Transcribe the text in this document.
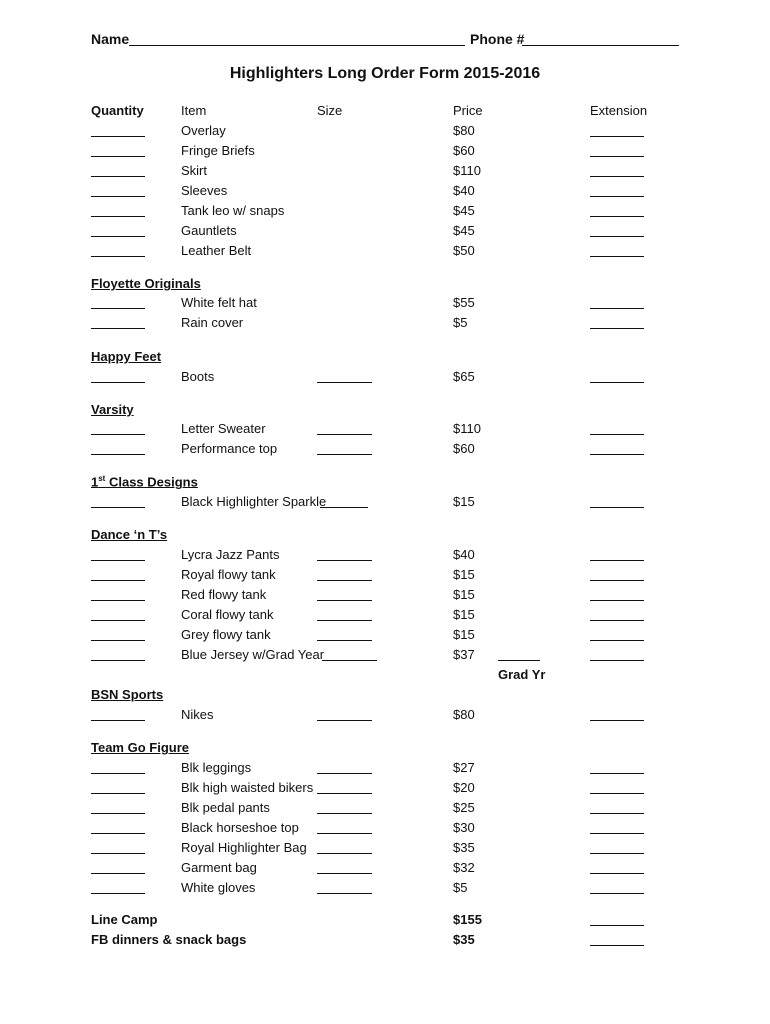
Name	Phone #
Highlighters Long Order Form 2015-2016
Quantity	Item	Size	Price	Extension
Overlay	$80
Fringe Briefs	$60
Skirt	$110
Sleeves	$40
Tank leo w/ snaps	$45
Gauntlets	$45
Leather Belt	$50
Floyette Originals
White felt hat	$55
Rain cover	$5
Happy Feet
Boots	$65
Varsity
Letter Sweater	$110
Performance top	$60
1st Class Designs
Black Highlighter Sparkle	$15
Dance ‘n T’s
Lycra Jazz Pants	$40
Royal flowy tank	$15
Red flowy tank	$15
Coral flowy tank	$15
Grey flowy tank	$15
Blue Jersey w/Grad Year	$37
Grad Yr
BSN Sports
Nikes	$80
Team Go Figure
Blk leggings	$27
Blk high waisted bikers	$20
Blk pedal pants	$25
Black horseshoe top	$30
Royal Highlighter Bag	$35
Garment bag	$32
White gloves	$5
Line Camp	$155
FB dinners & snack bags	$35
